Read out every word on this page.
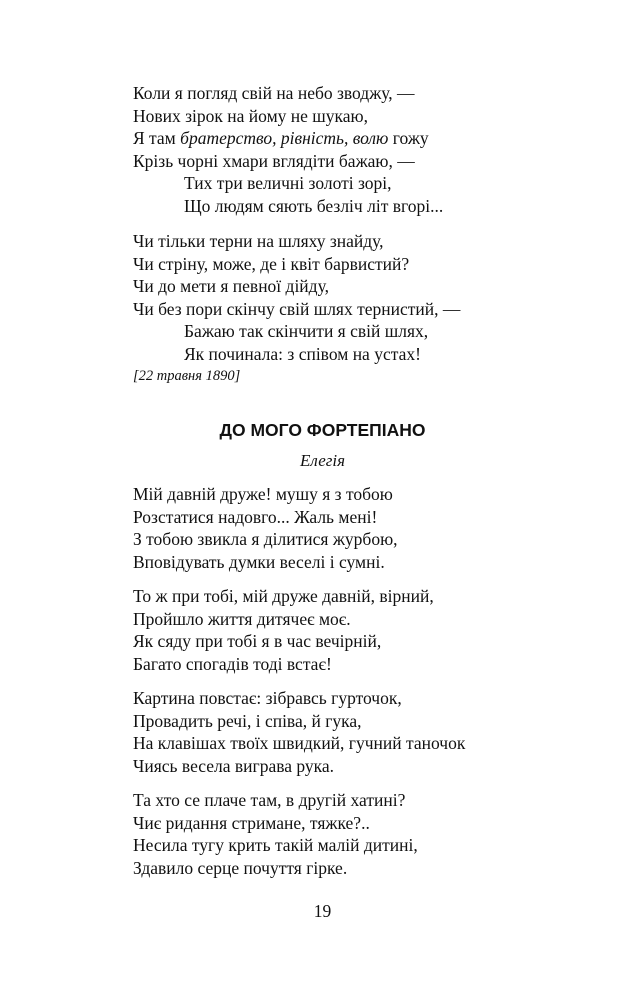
Коли я погляд свій на небо зводжу, —
Нових зірок на йому не шукаю,
Я там братерство, рівність, волю гожу
Крізь чорні хмари вглядіти бажаю, —
Тих три величні золоті зорі,
Що людям сяють безліч літ вгорі...
Чи тільки терни на шляху знайду,
Чи стріну, може, де і квіт барвистий?
Чи до мети я певної дійду,
Чи без пори скінчу свій шлях тернистий, —
Бажаю так скінчити я свій шлях,
Як починала: з співом на устах!
[22 травня 1890]
ДО МОГО ФОРТЕПІАНО
Елегія
Мій давній друже! мушу я з тобою
Розстатися надовго... Жаль мені!
З тобою звикла я ділитися журбою,
Вповідувать думки веселі і сумні.
То ж при тобі, мій друже давній, вірний,
Пройшло життя дитячеє моє.
Як сяду при тобі я в час вечірній,
Багато спогадів тоді встає!
Картина повстає: зібравсь гурточок,
Провадить речі, і співа, й гука,
На клавішах твоїх швидкий, гучний таночок
Чиясь весела виграва рука.
Та хто се плаче там, в другій хатині?
Чиє ридання стримане, тяжке?..
Несила тугу крить такій малій дитині,
Здавило серце почуття гірке.
19
